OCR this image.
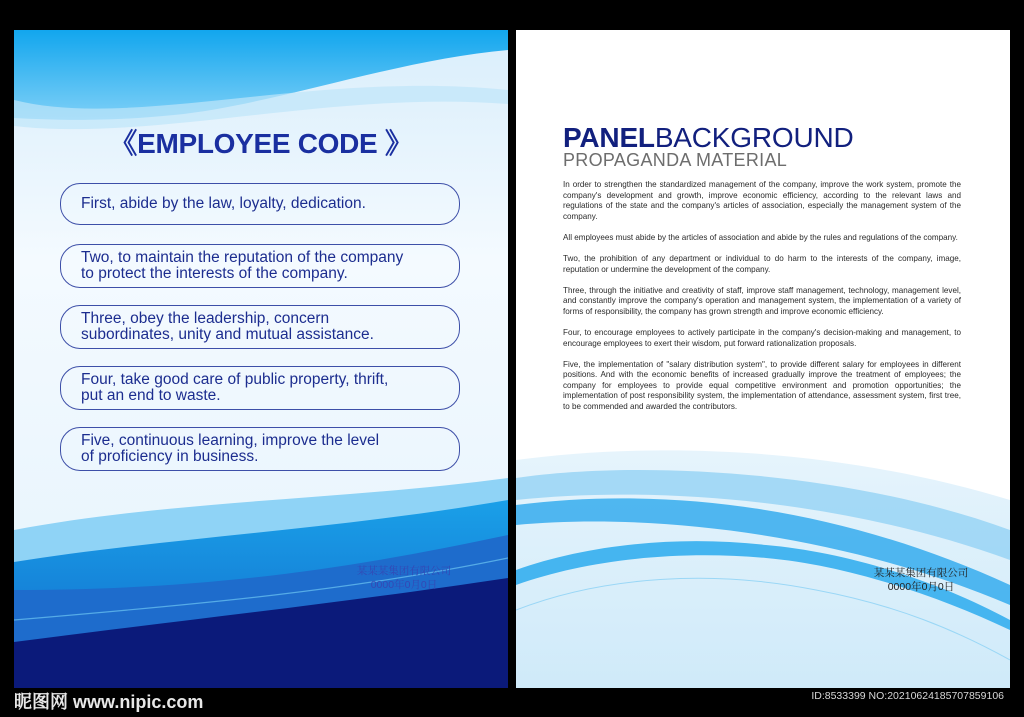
《EMPLOYEE CODE 》
First, abide by the law, loyalty, dedication.
Two, to maintain the reputation of the company
to protect the interests of the company.
Three, obey the leadership, concern
subordinates, unity and mutual assistance.
Four, take good care of public property, thrift,
put an end to waste.
Five, continuous learning, improve the level
of proficiency in business.
某某某集团有限公司
0000年0月0日
PANELBACKGROUND
PROPAGANDA MATERIAL

In order to strengthen the standardized management of the company, improve the work system, promote the company's development and growth, improve economic efficiency, according to the relevant laws and regulations of the state and the company's articles of association, especially the management system of the company.

All employees must abide by the articles of association and abide by the rules and regulations of the company.

Two, the prohibition of any department or individual to do harm to the interests of the company, image, reputation or undermine the development of the company.

Three, through the initiative and creativity of staff, improve staff management, technology, management level, and constantly improve the company's operation and management system, the implementation of a variety of forms of responsibility, the company has grown strength and improve economic efficiency.

Four, to encourage employees to actively participate in the company's decision-making and management, to encourage employees to exert their wisdom, put forward rationalization proposals.

Five, the implementation of "salary distribution system", to provide different salary for employees in different positions. And with the economic benefits of increased gradually improve the treatment of employees; the company for employees to provide equal competitive environment and promotion opportunities; the implementation of post responsibility system, the implementation of attendance, assessment system, first tree, to be commended and awarded the contributors.

某某某集团有限公司
0000年0月0日
昵图网 www.nipic.com	ID:8533399 NO:20210624185707859106
